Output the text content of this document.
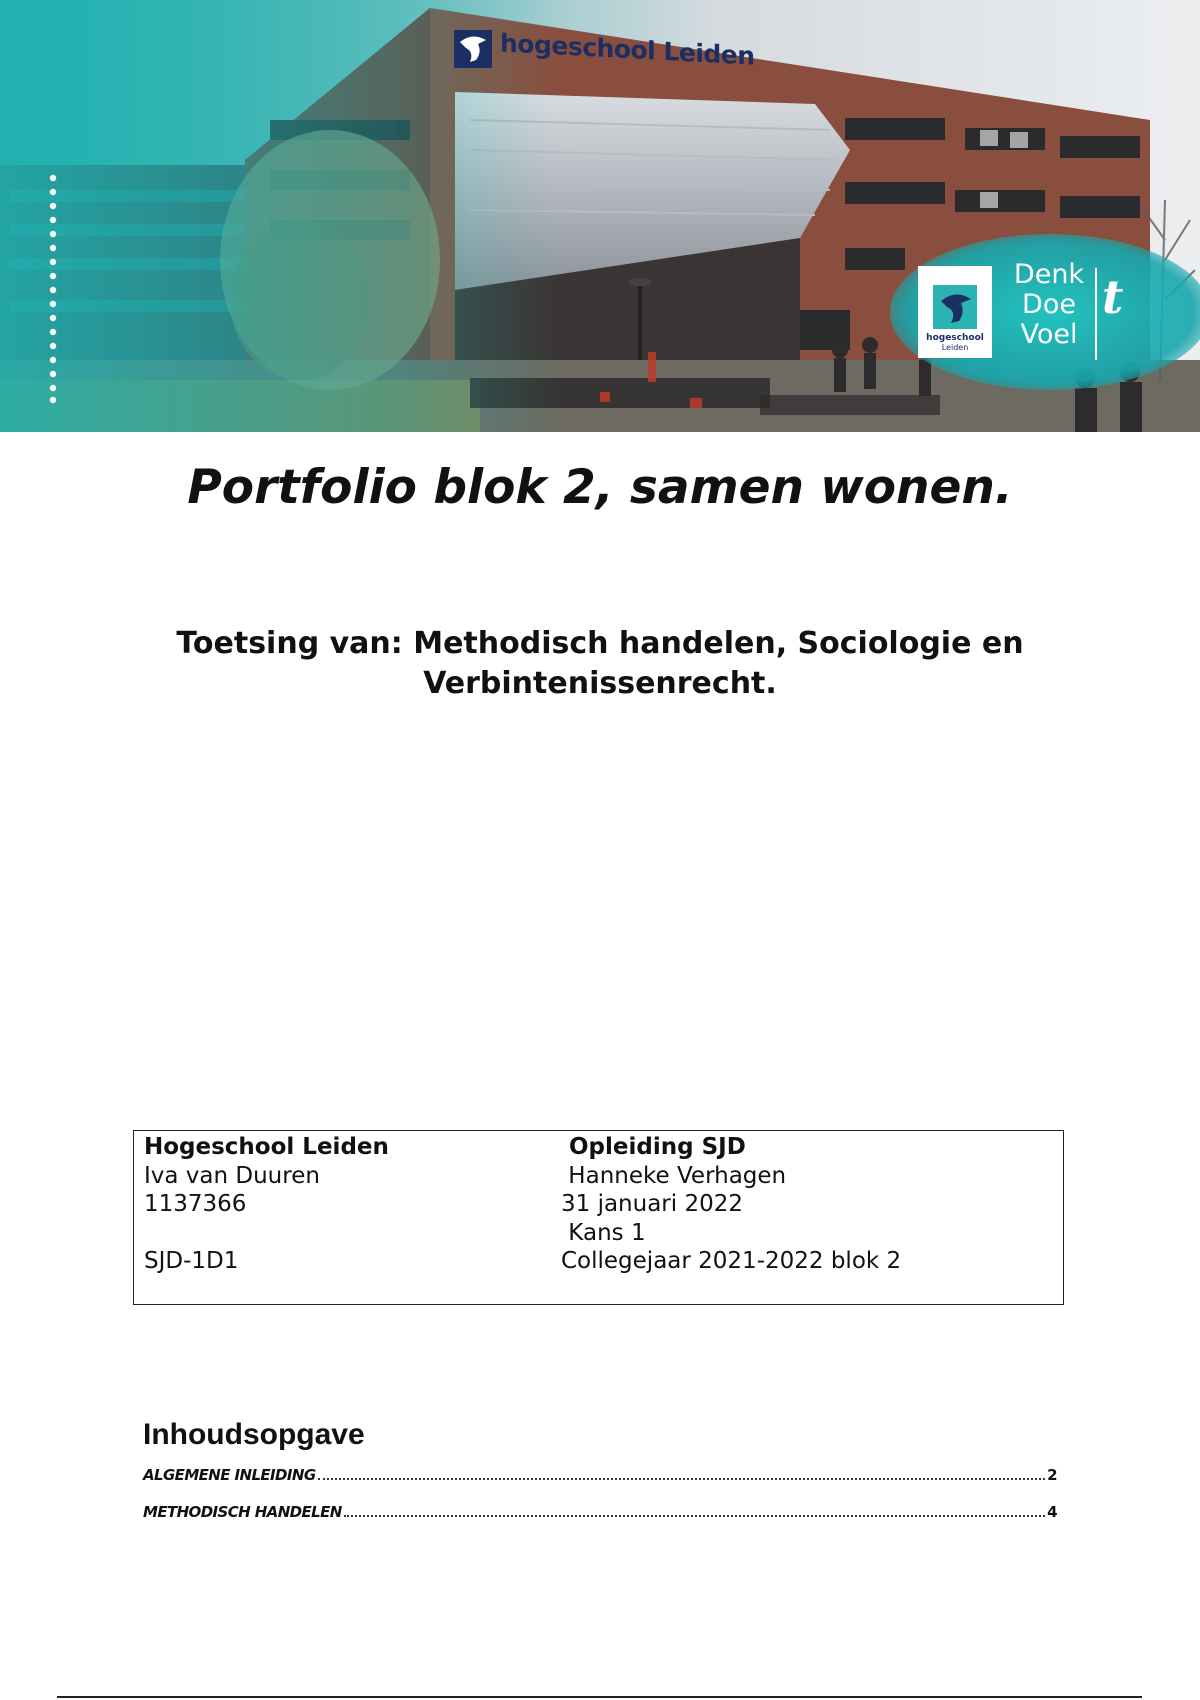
hogeschool Leiden
hogeschool
Leiden
Denk
Doe
Voel
t
Portfolio blok 2, samen wonen.
Toetsing van: Methodisch handelen, Sociologie en Verbintenissenrecht.
Hogeschool Leiden
Iva van Duuren
1137366
SJD-1D1
Opleiding SJD
Hanneke Verhagen
31 januari 2022
Kans 1
Collegejaar 2021-2022 blok 2
Inhoudsopgave
ALGEMENE INLEIDING	2
METHODISCH HANDELEN	4
